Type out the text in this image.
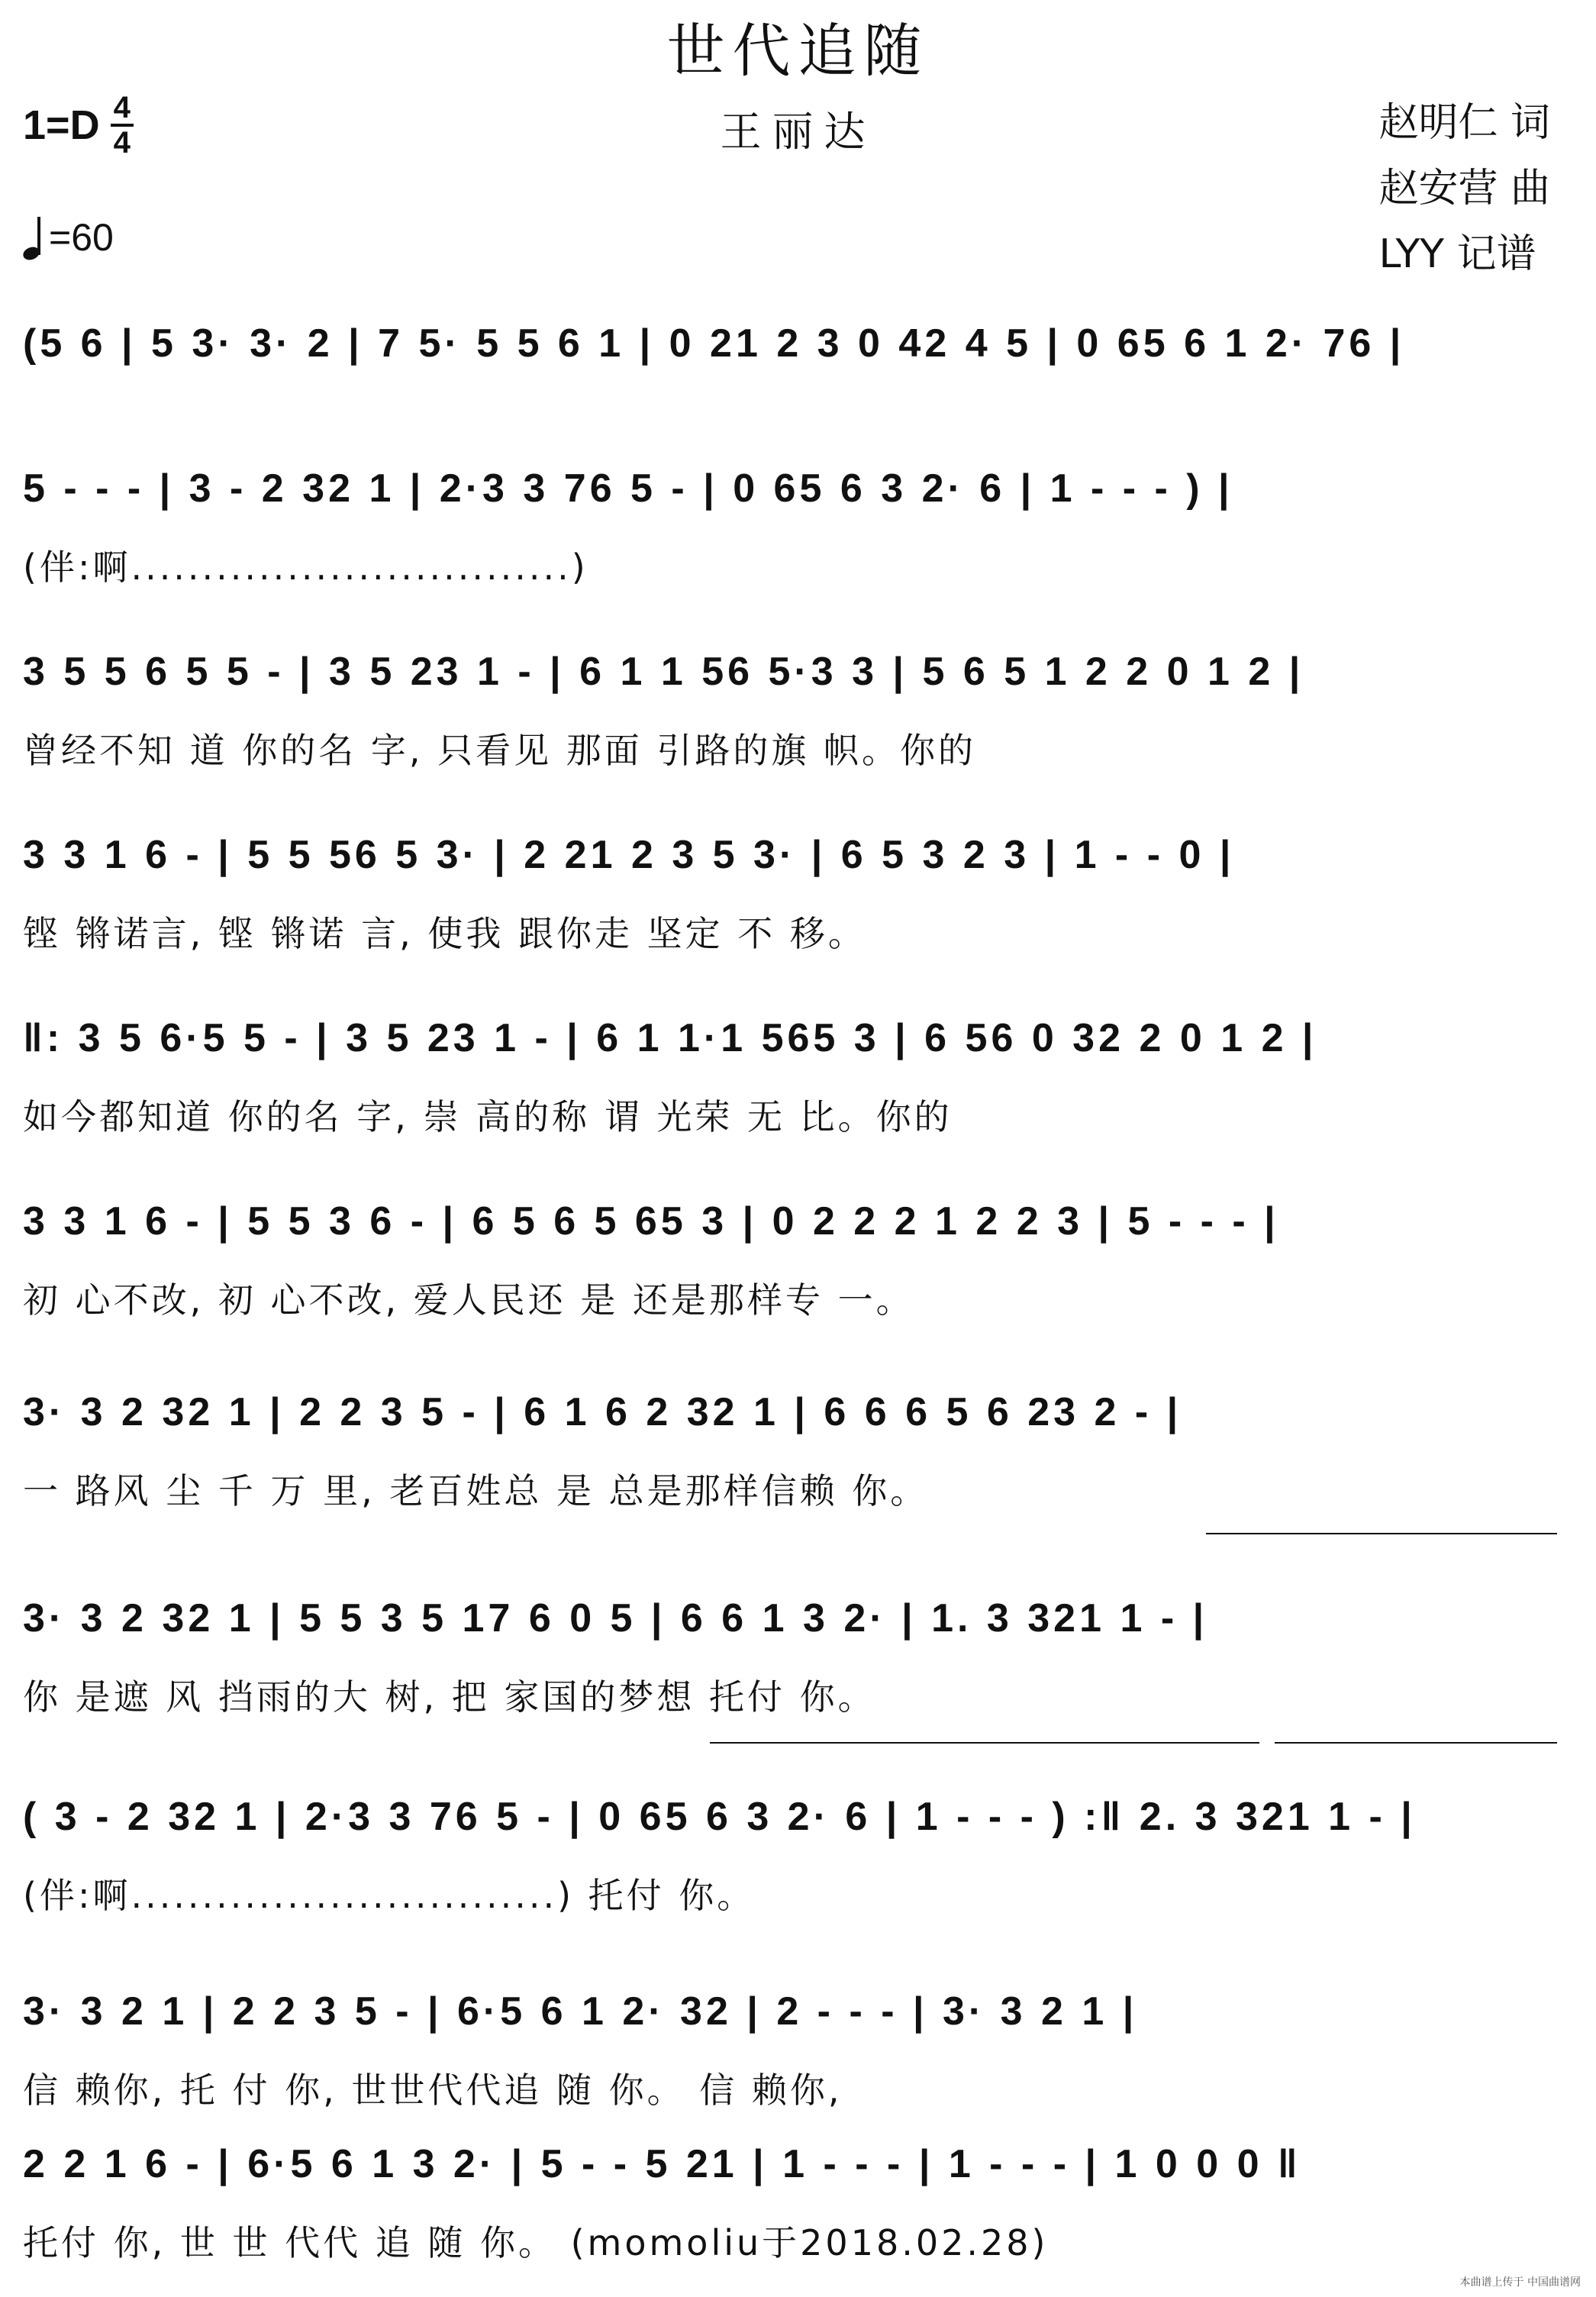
世代追随
$1=D \frac{4}{4}$	王丽达	赵明仁 词
赵安营 曲
LYY 记谱
=60
(5 6 | 5 3· 3· 2 | 7 5· 5 5 6 1 | 0 21 2 3 0 42 4 5 | 0 65 6 1 2· 76 |
5 - - - | 3 - 2 32 1 | 2·3 3 76 5 - | 0 65 6 3 2· 6 | 1 - - - ) |
(伴:啊...............................)
3 5 5 6 5 5 - | 3 5 23 1 - | 6 1 1 56 5·3 3 | 5 6 5 1 2 2 0 1 2 |
曾经不知 道 你的名 字, 只看见 那面 引路的旗 帜。你的
3 3 1 6 - | 5 5 56 5 3· | 2 21 2 3 5 3· | 6 5 3 2 3 | 1 - - 0 |
铿 锵诺言, 铿 锵诺 言, 使我 跟你走 坚定 不 移。
‖: 3 5 6·5 5 - | 3 5 23 1 - | 6 1 1·1 565 3 | 6 56 0 32 2 0 1 2 |
如今都知道 你的名 字, 崇 高的称 谓 光荣 无 比。你的
3 3 1 6 - | 5 5 3 6 - | 6 5 6 5 65 3 | 0 2 2 2 1 2 2 3 | 5 - - - |
初 心不改, 初 心不改, 爱人民还 是 还是那样专 一。
3· 3 2 32 1 | 2 2 3 5 - | 6 1 6 2 32 1 | 6 6 6 5 6 23 2 - |
一 路风 尘 千 万 里, 老百姓总 是 总是那样信赖 你。
3· 3 2 32 1 | 5 5 3 5 17 6 0 5 | 6 6 1 3 2· | 1. 3 321 1 - |
你 是遮 风 挡雨的大 树, 把 家国的梦想 托付 你。
( 3 - 2 32 1 | 2·3 3 76 5 - | 0 65 6 3 2· 6 | 1 - - - ) :‖ 2. 3 321 1 - |
(伴:啊..............................) 托付 你。
3· 3 2 1 | 2 2 3 5 - | 6·5 6 1 2· 32 | 2 - - - | 3· 3 2 1 |
信 赖你, 托 付 你, 世世代代追 随 你。 信 赖你,
2 2 1 6 - | 6·5 6 1 3 2· | 5 - - 5 21 | 1 - - - | 1 - - - | 1 0 0 0 ‖
托付 你, 世 世 代代 追 随 你。 (momoliu于2018.02.28)
本曲谱上传于 中国曲谱网
